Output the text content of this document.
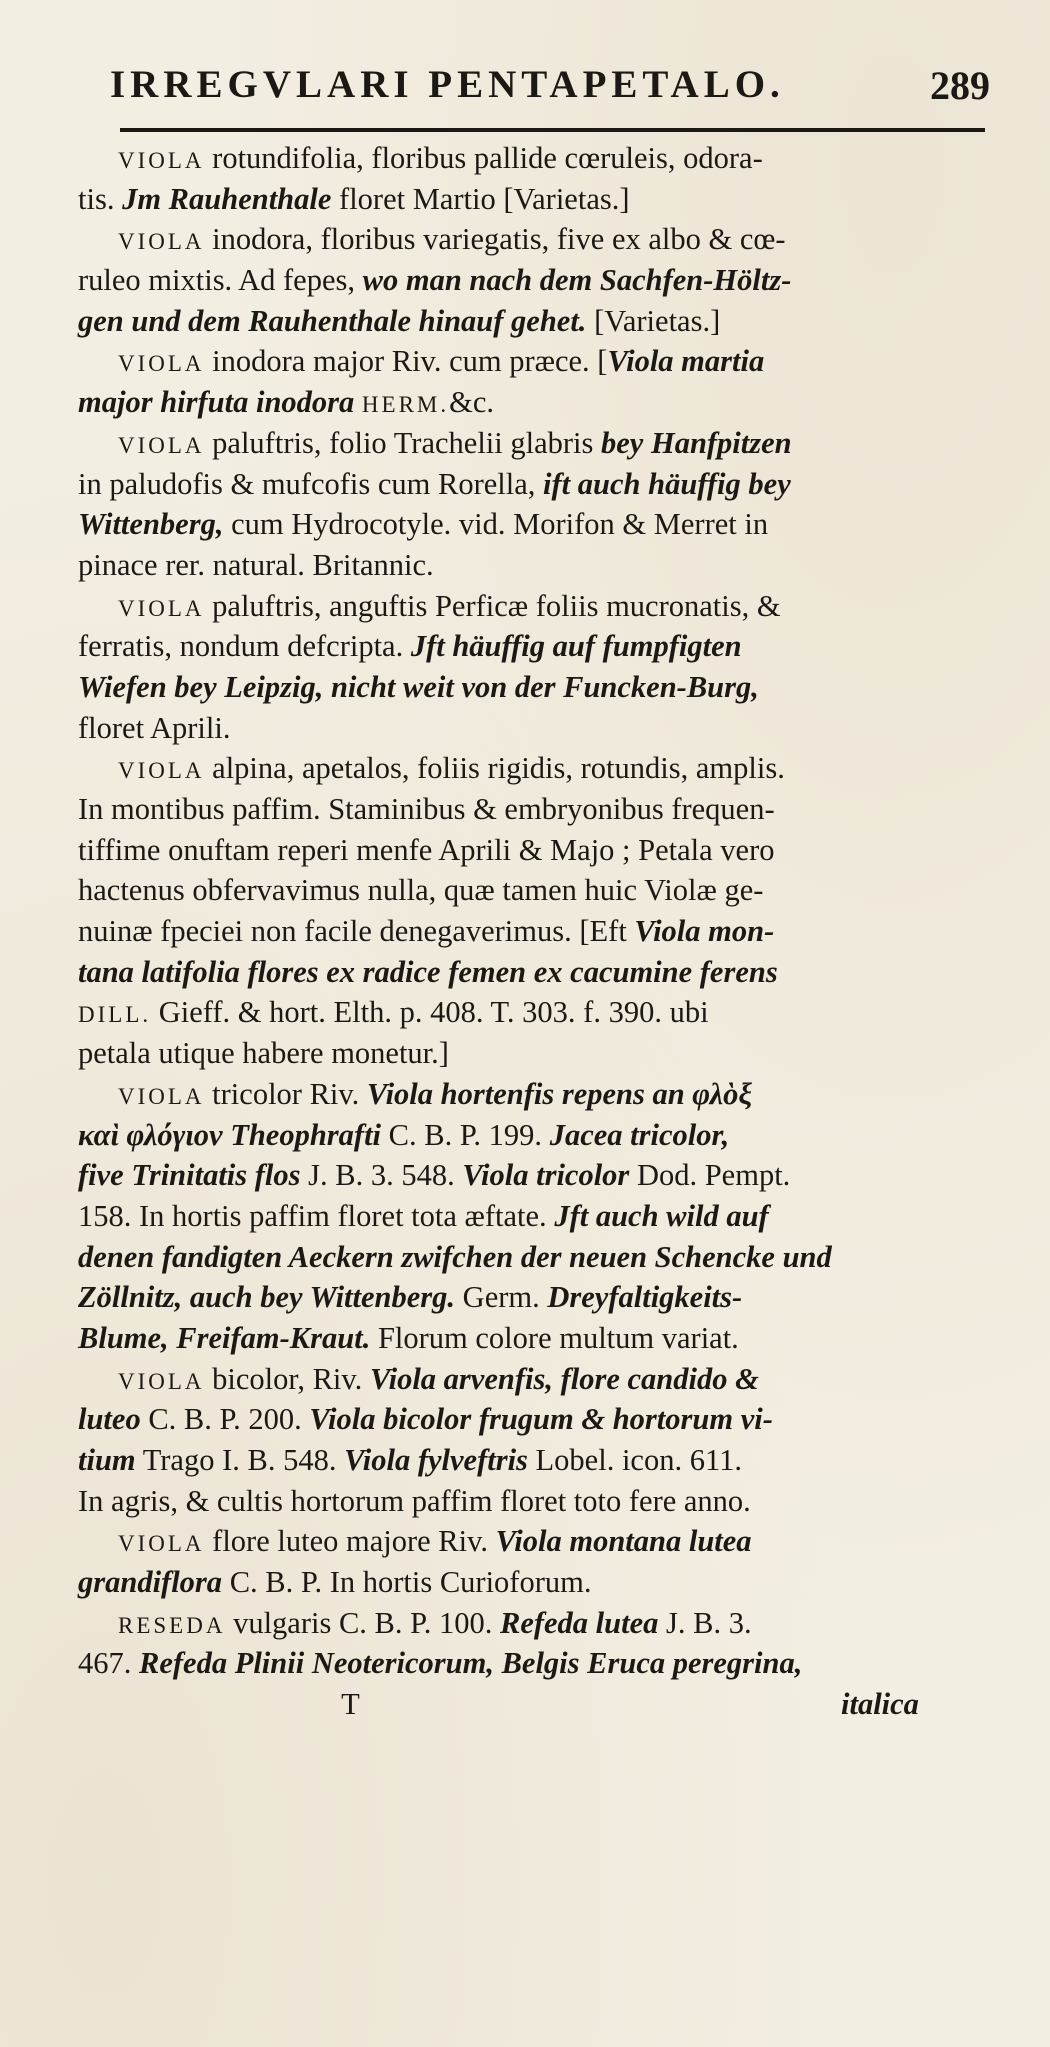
IRREGVLARI PENTAPETALO.	289
VIOLA rotundifolia, floribus pallide cœruleis, odora-
tis. Jm Rauhenthale floret Martio [Varietas.]
VIOLA inodora, floribus variegatis, five ex albo & cœ-
ruleo mixtis. Ad fepes, wo man nach dem Sachfen-Höltz-
gen und dem Rauhenthale hinauf gehet. [Varietas.]
VIOLA inodora major Riv. cum præce. [Viola martia
major hirfuta inodora HERM.&c.
VIOLA paluftris, folio Trachelii glabris bey Hanfpitzen
in paludofis & mufcofis cum Rorella, ift auch häuffig bey
Wittenberg, cum Hydrocotyle. vid. Morifon & Merret in
pinace rer. natural. Britannic.
VIOLA paluftris, anguftis Perficæ foliis mucronatis, &
ferratis, nondum defcripta. Jft häuffig auf fumpfigten
Wiefen bey Leipzig, nicht weit von der Funcken-Burg,
floret Aprili.
VIOLA alpina, apetalos, foliis rigidis, rotundis, amplis.
In montibus paffim. Staminibus & embryonibus frequen-
tiffime onuftam reperi menfe Aprili & Majo ; Petala vero
hactenus obfervavimus nulla, quæ tamen huic Violæ ge-
nuinæ fpeciei non facile denegaverimus. [Eft Viola mon-
tana latifolia flores ex radice femen ex cacumine ferens
DILL. Gieff. & hort. Elth. p. 408. T. 303. f. 390. ubi
petala utique habere monetur.]
VIOLA tricolor Riv. Viola hortenfis repens an φλὸξ
καὶ φλόγιον Theophrafti C. B. P. 199. Jacea tricolor,
five Trinitatis flos J. B. 3. 548. Viola tricolor Dod. Pempt.
158. In hortis paffim floret tota æftate. Jft auch wild auf
denen fandigten Aeckern zwifchen der neuen Schencke und
Zöllnitz, auch bey Wittenberg. Germ. Dreyfaltigkeits-
Blume, Freifam-Kraut. Florum colore multum variat.
VIOLA bicolor, Riv. Viola arvenfis, flore candido &
luteo C. B. P. 200. Viola bicolor frugum & hortorum vi-
tium Trago I. B. 548. Viola fylveftris Lobel. icon. 611.
In agris, & cultis hortorum paffim floret toto fere anno.
VIOLA flore luteo majore Riv. Viola montana lutea
grandiflora C. B. P. In hortis Curioforum.
RESEDA vulgaris C. B. P. 100. Refeda lutea J. B. 3.
467. Refeda Plinii Neotericorum, Belgis Eruca peregrina,
T	italica
